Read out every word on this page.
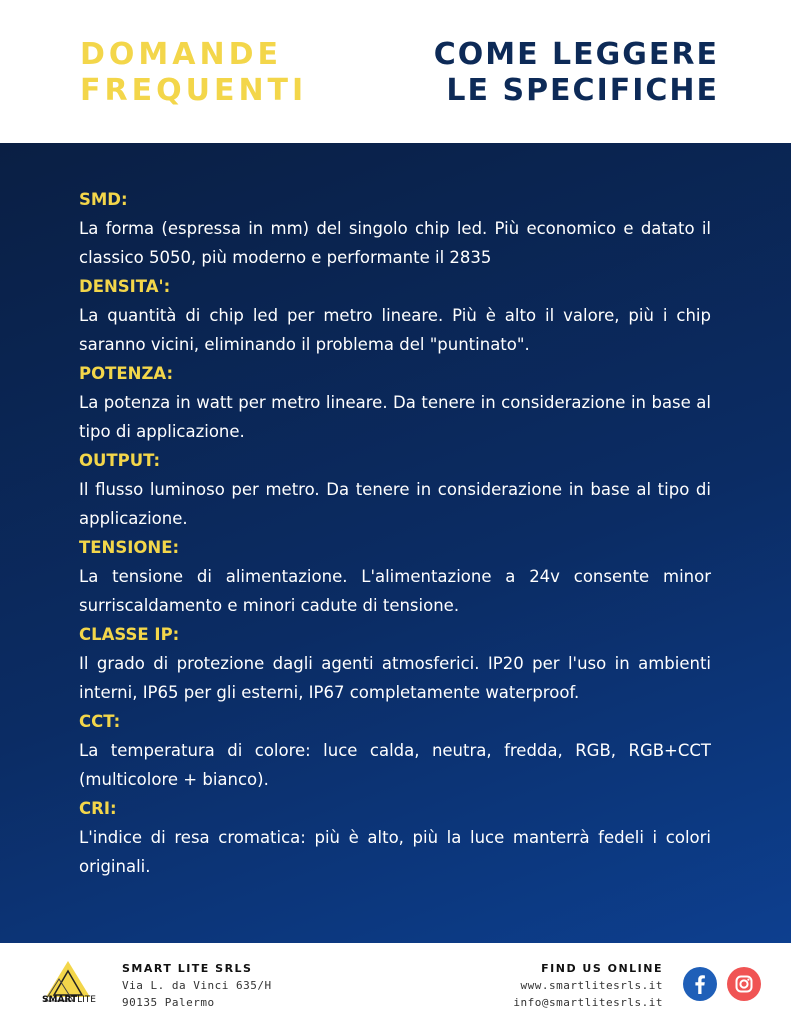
DOMANDE
FREQUENTI
COME LEGGERE
LE SPECIFICHE

SMD:

La forma (espressa in mm) del singolo chip led. Più economico e datato il classico 5050, più moderno e performante il 2835

DENSITA':

La quantità di chip led per metro lineare. Più è alto il valore, più i chip saranno vicini, eliminando il problema del "puntinato".

POTENZA:

La potenza in watt per metro lineare. Da tenere in considerazione in base al tipo di applicazione.

OUTPUT:

Il flusso luminoso per metro. Da tenere in considerazione in base al tipo di applicazione.

TENSIONE:

La tensione di alimentazione. L'alimentazione a 24v consente minor surriscaldamento e minori cadute di tensione.

CLASSE IP:

Il grado di protezione dagli agenti atmosferici. IP20 per l'uso in ambienti interni, IP65 per gli esterni, IP67 completamente waterproof.

CCT:

La temperatura di colore: luce calda, neutra, fredda, RGB, RGB+CCT (multicolore + bianco).

CRI:

L'indice di resa cromatica: più è alto, più la luce manterrà fedeli i colori originali.

SMARTLITE
SMART LITE SRLS
Via L. da Vinci 635/H
90135 Palermo
FIND US ONLINE
www.smartlitesrls.it
info@smartlitesrls.it
